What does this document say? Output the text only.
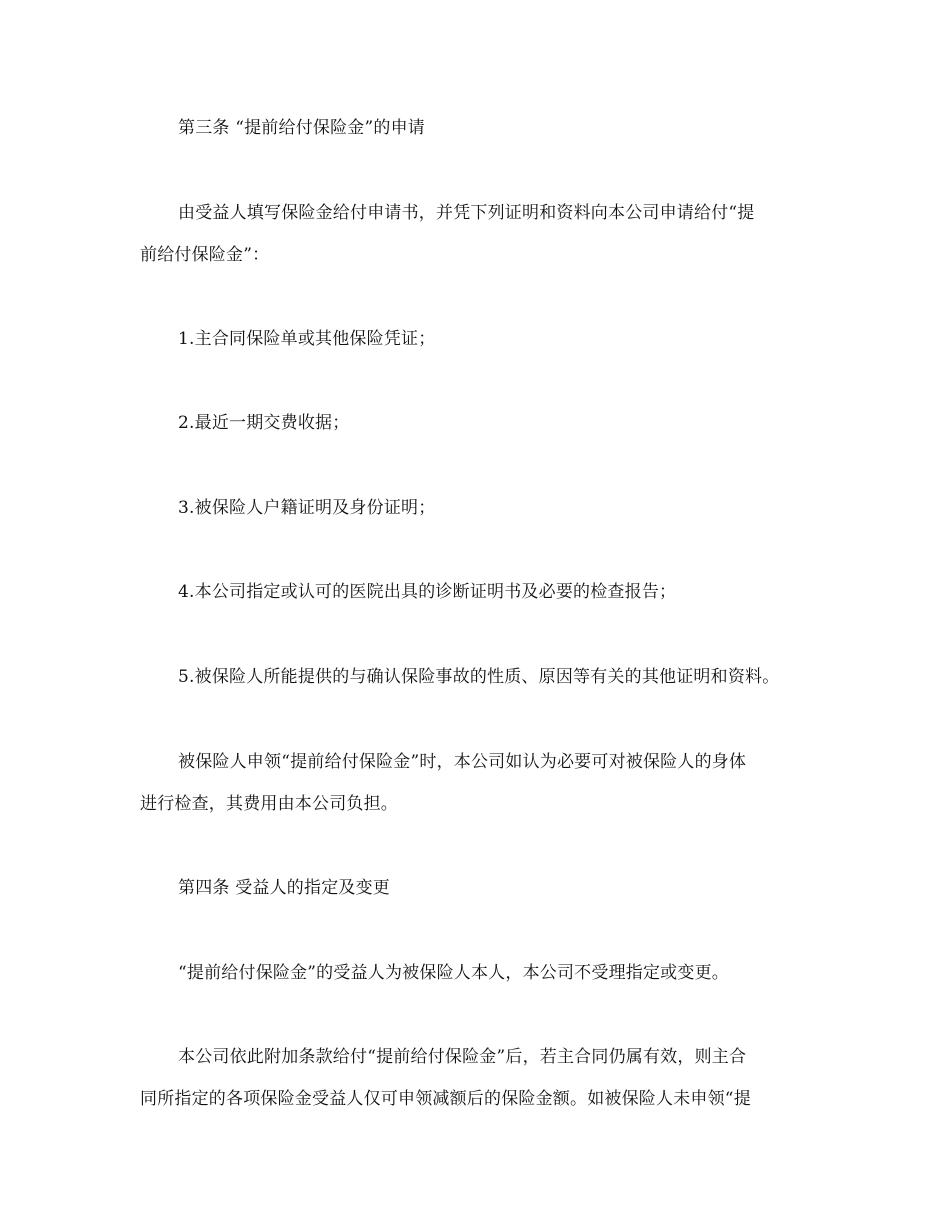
第三条 “提前给付保险金”的申请

由受益人填写保险金给付申请书，并凭下列证明和资料向本公司申请给付“提

前给付保险金”：

1.主合同保险单或其他保险凭证；

2.最近一期交费收据；

3.被保险人户籍证明及身份证明；

4.本公司指定或认可的医院出具的诊断证明书及必要的检查报告；

5.被保险人所能提供的与确认保险事故的性质、原因等有关的其他证明和资料。

被保险人申领“提前给付保险金”时，本公司如认为必要可对被保险人的身体

进行检查，其费用由本公司负担。

第四条 受益人的指定及变更

“提前给付保险金”的受益人为被保险人本人，本公司不受理指定或变更。

本公司依此附加条款给付“提前给付保险金”后，若主合同仍属有效，则主合

同所指定的各项保险金受益人仅可申领减额后的保险金额。如被保险人未申领“提
